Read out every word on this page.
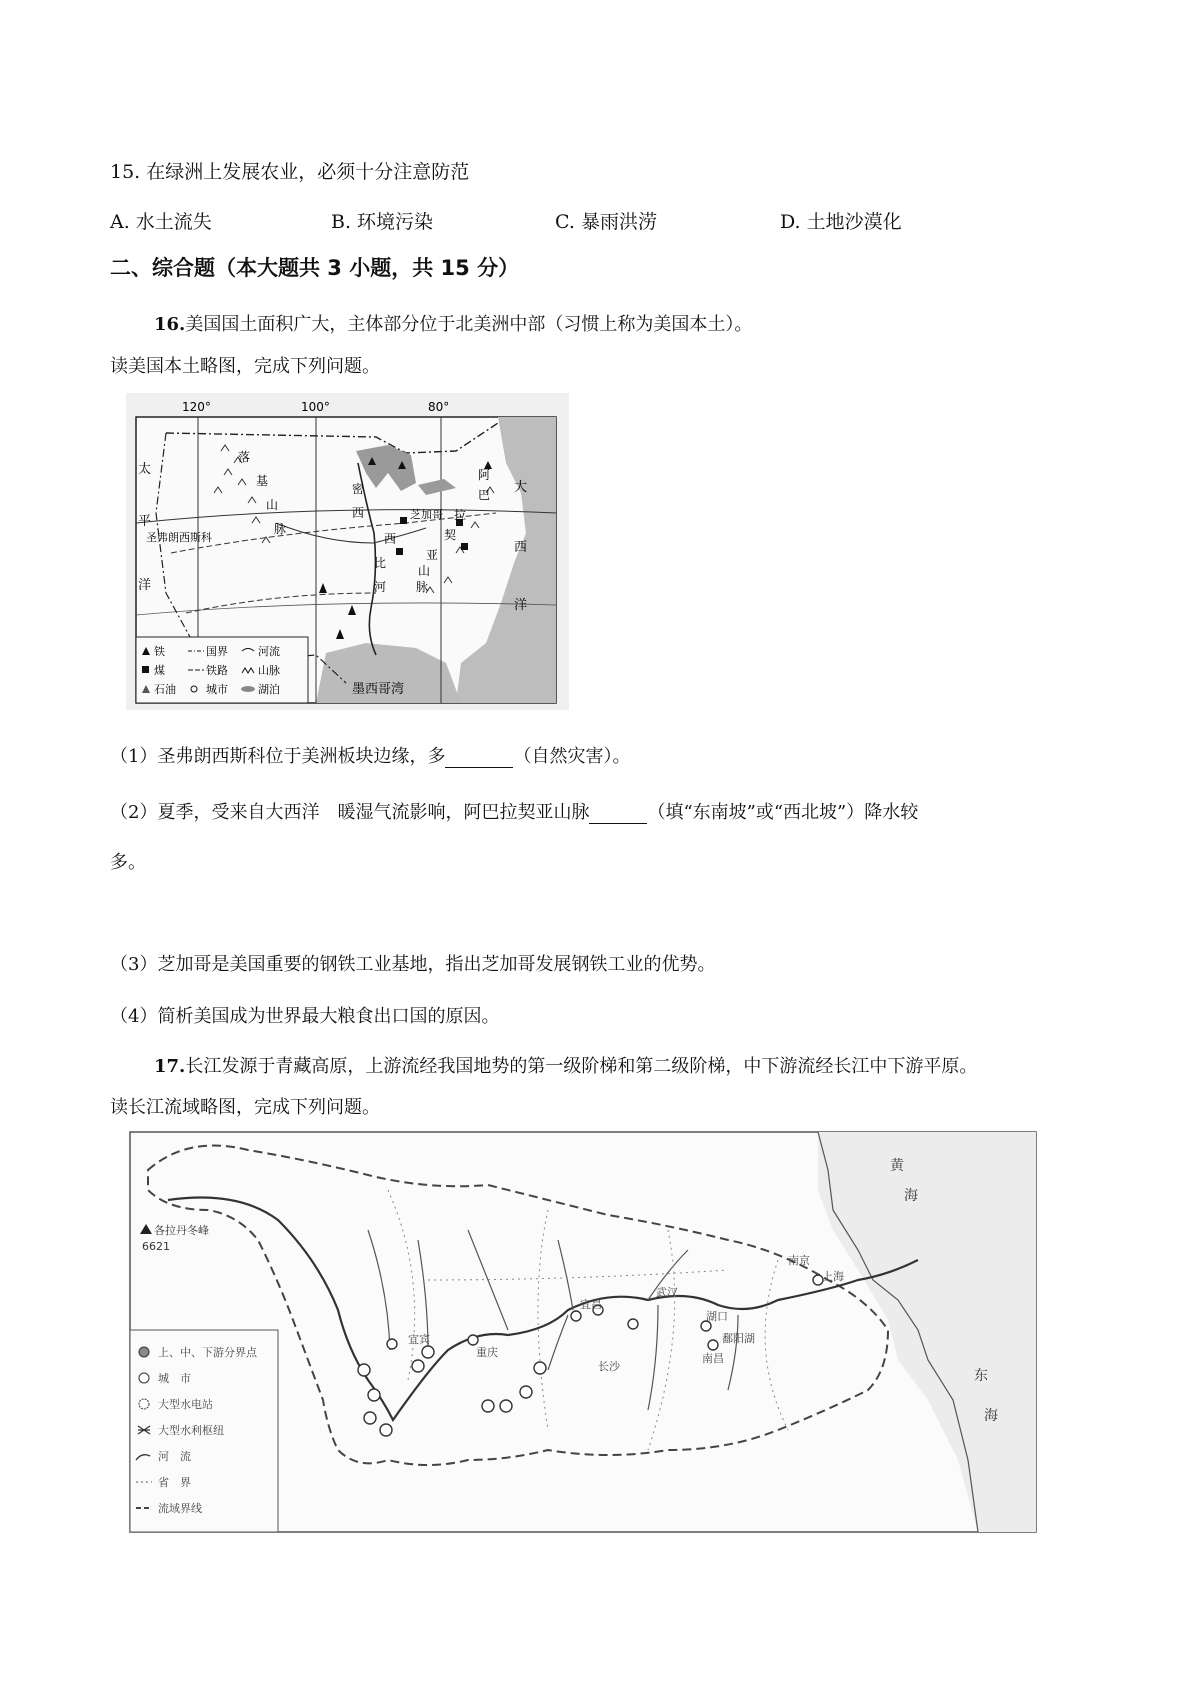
15. 在绿洲上发展农业，必须十分注意防范
A. 水土流失	B. 环境污染	C. 暴雨洪涝	D. 土地沙漠化
二、综合题（本大题共 3 小题，共 15 分）
16.美国国土面积广大，主体部分位于北美洲中部（习惯上称为美国本土）。
读美国本土略图，完成下列问题。
120°	100°	80°
太
平
洋
大
西
洋
落
基
山
脉
圣弗朗西斯科
密
西
西
比
河
阿
巴
拉
契
亚
山
脉
芝加哥
墨西哥湾
铁	国界	河流
煤	铁路	山脉
石油	城市	湖泊
（1）圣弗朗西斯科位于美洲板块边缘，多	（自然灾害）。
（2）夏季，受来自大西洋　暖湿气流影响，阿巴拉契亚山脉	（填“东南坡”或“西北坡”）降水较
多。
（3）芝加哥是美国重要的钢铁工业基地，指出芝加哥发展钢铁工业的优势。
（4）简析美国成为世界最大粮食出口国的原因。
17.长江发源于青藏高原，上游流经我国地势的第一级阶梯和第二级阶梯，中下游流经长江中下游平原。
读长江流域略图，完成下列问题。
各拉丹冬峰
6621
宜宾
重庆
宜昌
武汉
长沙
南昌
鄱阳湖
湖口
南京
上海
黄
海
东
海
上、中、下游分界点
城　市
大型水电站
大型水利枢纽
河　流
省　界
流域界线
